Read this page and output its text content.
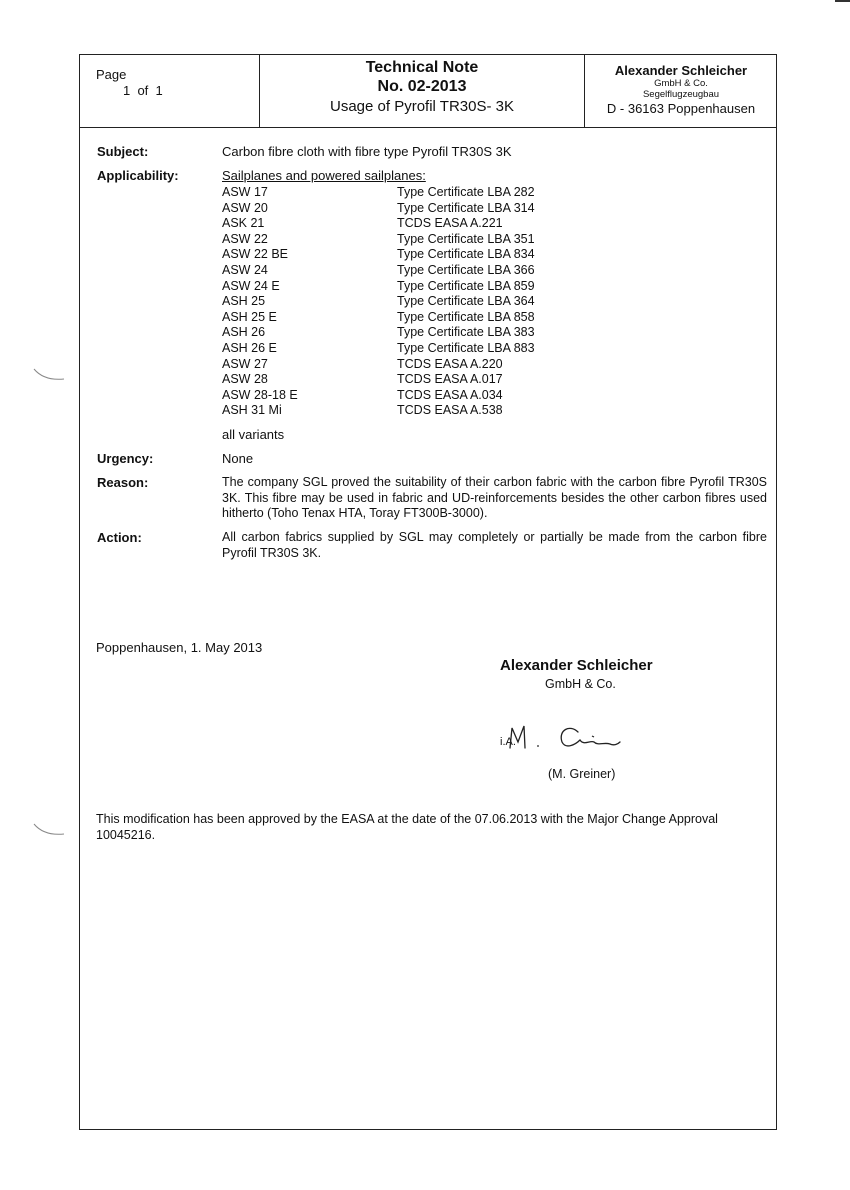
Page
1  of  1
Technical Note
No. 02-2013
Usage of Pyrofil TR30S- 3K
Alexander Schleicher
GmbH & Co.
Segelflugzeugbau
D - 36163 Poppenhausen
Subject:	Carbon fibre cloth with fibre type Pyrofil TR30S 3K
Applicability:	Sailplanes and powered sailplanes:
ASW 17	Type Certificate LBA 282
ASW 20	Type Certificate LBA 314
ASK 21	TCDS EASA A.221
ASW 22	Type Certificate LBA 351
ASW 22 BE	Type Certificate LBA 834
ASW 24	Type Certificate LBA 366
ASW 24 E	Type Certificate LBA 859
ASH 25	Type Certificate LBA 364
ASH 25 E	Type Certificate LBA 858
ASH 26	Type Certificate LBA 383
ASH 26 E	Type Certificate LBA 883
ASW 27	TCDS EASA A.220
ASW 28	TCDS EASA A.017
ASW 28-18 E	TCDS EASA A.034
ASH 31 Mi	TCDS EASA A.538
all variants
Urgency:	None
Reason:	The company SGL proved the suitability of their carbon fabric with the carbon fibre Pyrofil TR30S 3K. This fibre may be used in fabric and UD-reinforcements besides the other carbon fibres used hitherto (Toho Tenax HTA, Toray FT300B-3000).
Action:	All carbon fabrics supplied by SGL may completely or partially be made from the carbon fibre Pyrofil TR30S 3K.
Poppenhausen, 1. May 2013
Alexander Schleicher
GmbH & Co.
i.A.
(M. Greiner)
This modification has been approved by the EASA at the date of the 07.06.2013 with the Major Change Approval 10045216.
